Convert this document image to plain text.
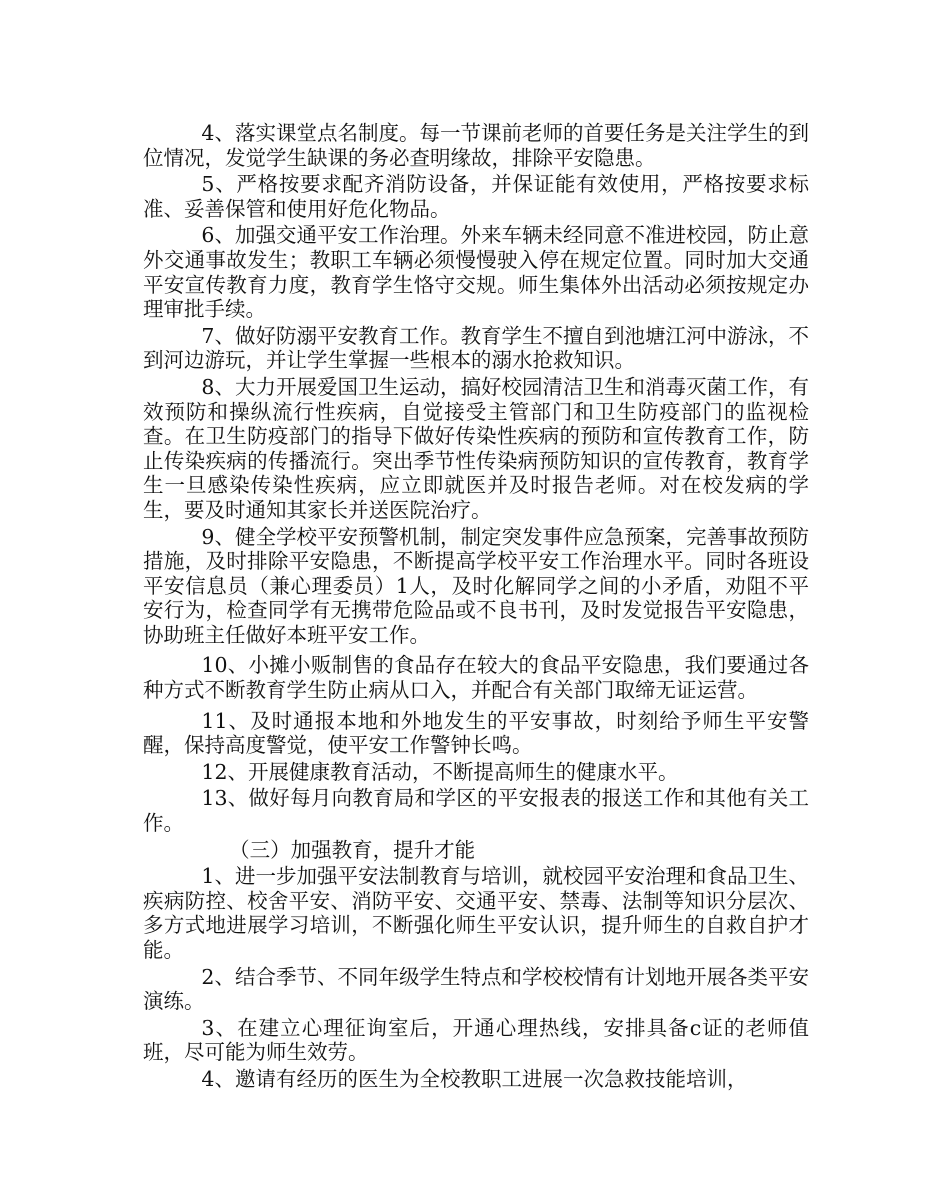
4、落实课堂点名制度。每一节课前老师的首要任务是关注学生的到位情况，发觉学生缺课的务必查明缘故，排除平安隐患。

5、严格按要求配齐消防设备，并保证能有效使用，严格按要求标准、妥善保管和使用好危化物品。

6、加强交通平安工作治理。外来车辆未经同意不准进校园，防止意外交通事故发生；教职工车辆必须慢慢驶入停在规定位置。同时加大交通平安宣传教育力度，教育学生恪守交规。师生集体外出活动必须按规定办理审批手续。

7、做好防溺平安教育工作。教育学生不擅自到池塘江河中游泳，不到河边游玩，并让学生掌握一些根本的溺水抢救知识。

8、大力开展爱国卫生运动，搞好校园清洁卫生和消毒灭菌工作，有效预防和操纵流行性疾病，自觉接受主管部门和卫生防疫部门的监视检查。在卫生防疫部门的指导下做好传染性疾病的预防和宣传教育工作，防止传染疾病的传播流行。突出季节性传染病预防知识的宣传教育，教育学生一旦感染传染性疾病，应立即就医并及时报告老师。对在校发病的学生，要及时通知其家长并送医院治疗。

9、健全学校平安预警机制，制定突发事件应急预案，完善事故预防措施，及时排除平安隐患，不断提高学校平安工作治理水平。同时各班设平安信息员（兼心理委员）1人，及时化解同学之间的小矛盾，劝阻不平安行为，检查同学有无携带危险品或不良书刊，及时发觉报告平安隐患，协助班主任做好本班平安工作。

10、小摊小贩制售的食品存在较大的食品平安隐患，我们要通过各种方式不断教育学生防止病从口入，并配合有关部门取缔无证运营。

11、及时通报本地和外地发生的平安事故，时刻给予师生平安警醒，保持高度警觉，使平安工作警钟长鸣。

12、开展健康教育活动，不断提高师生的健康水平。

13、做好每月向教育局和学区的平安报表的报送工作和其他有关工作。

（三）加强教育，提升才能

1、进一步加强平安法制教育与培训，就校园平安治理和食品卫生、疾病防控、校舍平安、消防平安、交通平安、禁毒、法制等知识分层次、多方式地进展学习培训，不断强化师生平安认识，提升师生的自救自护才能。

2、结合季节、不同年级学生特点和学校校情有计划地开展各类平安演练。

3、在建立心理征询室后，开通心理热线，安排具备c证的老师值班，尽可能为师生效劳。

4、邀请有经历的医生为全校教职工进展一次急救技能培训，
